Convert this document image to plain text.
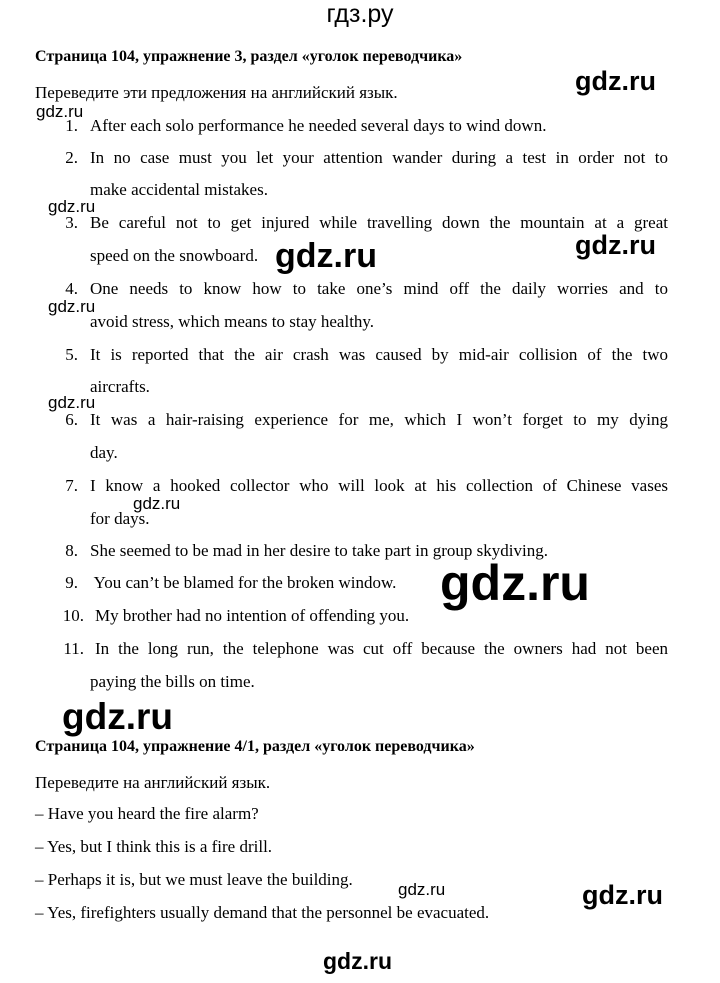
гдз.ру
Страница 104, упражнение 3, раздел «уголок переводчика»
Переведите эти предложения на английский язык.
1. After each solo performance he needed several days to wind down.
2. In no case must you let your attention wander during a test in order not to
make accidental mistakes.
3. Be careful not to get injured while travelling down the mountain at a great
speed on the snowboard.
4. One needs to know how to take one’s mind off the daily worries and to
avoid stress, which means to stay healthy.
5. It is reported that the air crash was caused by mid-air collision of the two
aircrafts.
6. It was a hair-raising experience for me, which I won’t forget to my dying
day.
7. I know a hooked collector who will look at his collection of Chinese vases
for days.
8. She seemed to be mad in her desire to take part in group skydiving.
9. You can’t be blamed for the broken window.
10. My brother had no intention of offending you.
11. In the long run, the telephone was cut off because the owners had not been
paying the bills on time.
Страница 104, упражнение 4/1, раздел «уголок переводчика»
Переведите на английский язык.
– Have you heard the fire alarm?
– Yes, but I think this is a fire drill.
– Perhaps it is, but we must leave the building.
– Yes, firefighters usually demand that the personnel be evacuated.
gdz.ru
gdz.ru
gdz.ru
gdz.ru
gdz.ru
gdz.ru
gdz.ru
gdz.ru
gdz.ru
gdz.ru
gdz.ru	gdz.ru
gdz.ru
